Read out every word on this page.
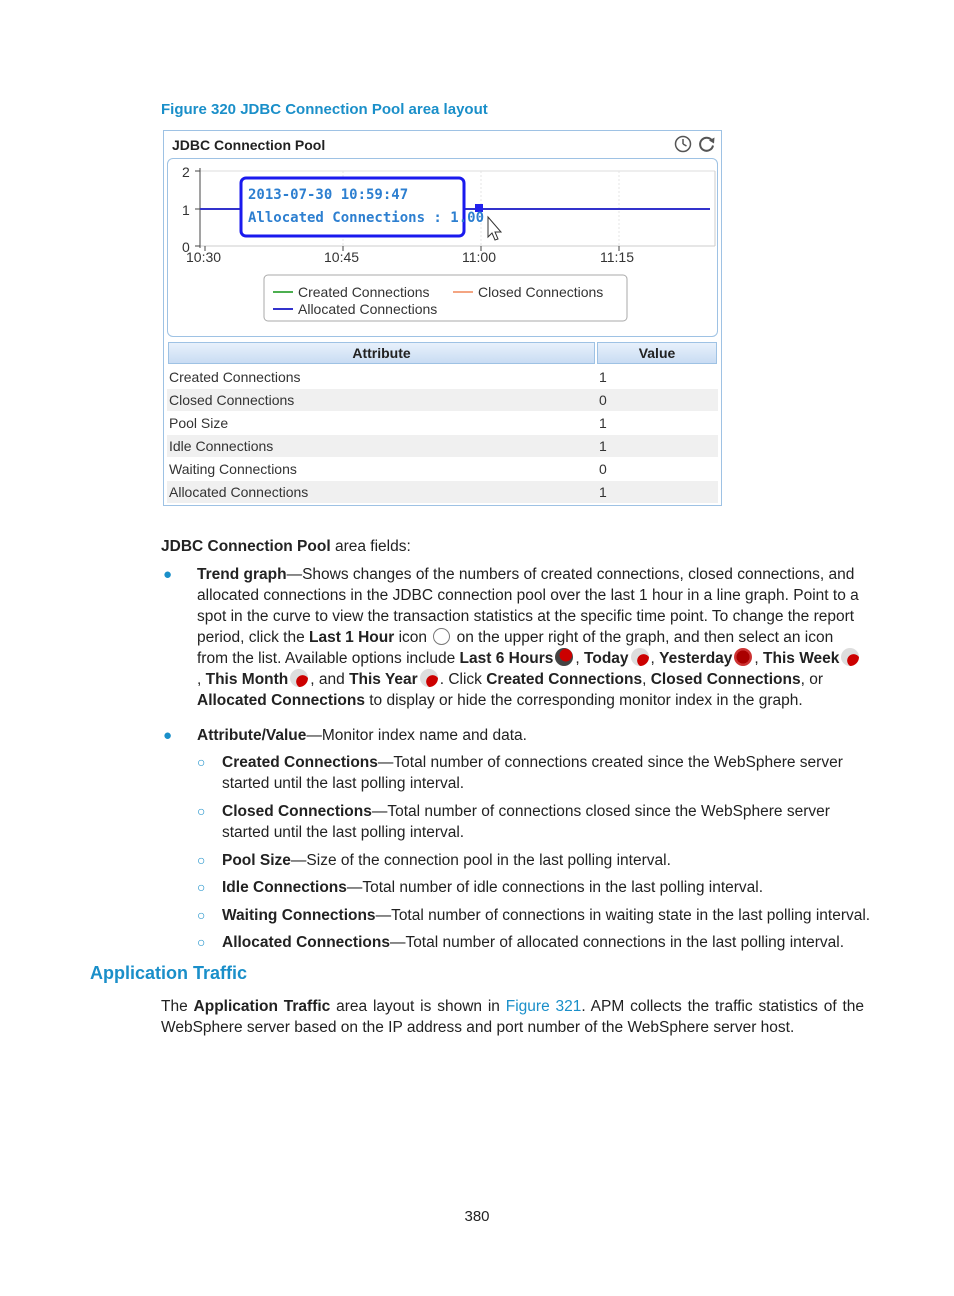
Figure 320 JDBC Connection Pool area layout
JDBC Connection Pool
2
1
0
10:30	10:45	11:00	11:15
2013-07-30 10:59:47
Allocated Connections : 1.00
Created Connections	Closed Connections
Allocated Connections
Attribute	Value
Created Connections	1
Closed Connections	0
Pool Size	1
Idle Connections	1
Waiting Connections	0
Allocated Connections	1
JDBC Connection Pool area fields:
● Trend graph—Shows changes of the numbers of created connections, closed connections, and allocated connections in the JDBC connection pool over the last 1 hour in a line graph. Point to a spot in the curve to view the transaction statistics at the specific time point. To change the report period, click the Last 1 Hour icon  on the upper right of the graph, and then select an icon from the list. Available options include Last 6 Hours , Today , Yesterday , This Week, This Month , and This Year . Click Created Connections, Closed Connections, or Allocated Connections to display or hide the corresponding monitor index in the graph.
● Attribute/Value—Monitor index name and data.
○ Created Connections—Total number of connections created since the WebSphere server started until the last polling interval.
○ Closed Connections—Total number of connections closed since the WebSphere server started until the last polling interval.
○ Pool Size—Size of the connection pool in the last polling interval.
○ Idle Connections—Total number of idle connections in the last polling interval.
○ Waiting Connections—Total number of connections in waiting state in the last polling interval.
○ Allocated Connections—Total number of allocated connections in the last polling interval.
Application Traffic
The Application Traffic area layout is shown in Figure 321. APM collects the traffic statistics of the WebSphere server based on the IP address and port number of the WebSphere server host.
380
